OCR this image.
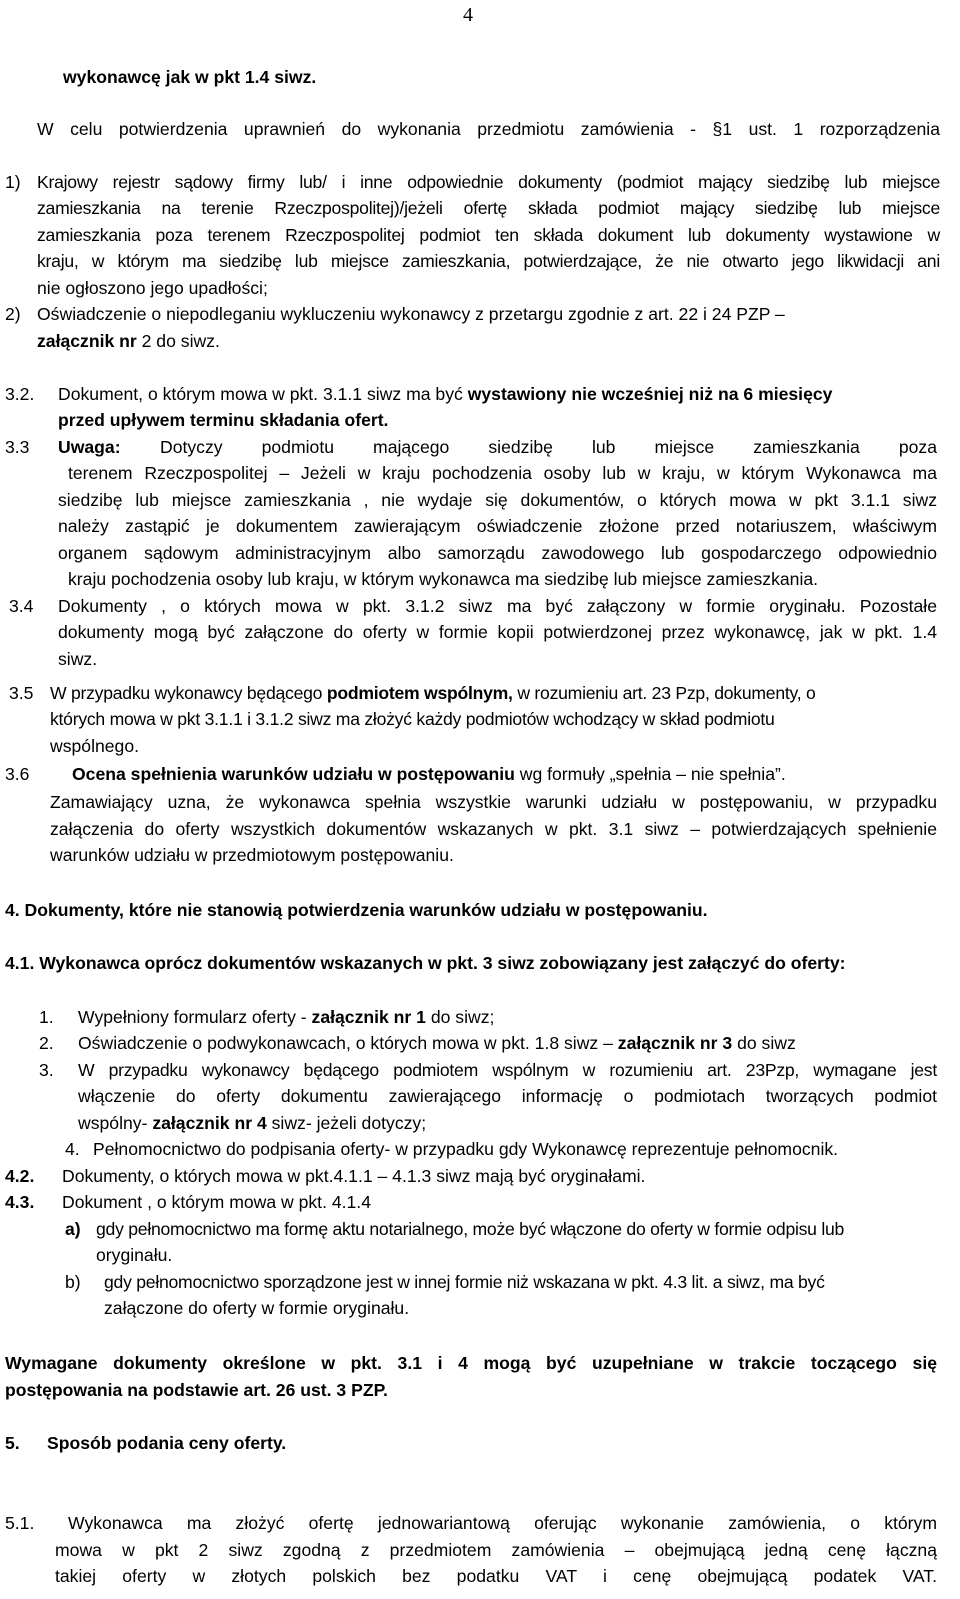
4
wykonawcę jak w pkt 1.4 siwz.
W celu potwierdzenia uprawnień do wykonania przedmiotu zamówienia - §1 ust. 1 rozporządzenia
1) Krajowy rejestr sądowy firmy lub/ i inne odpowiednie dokumenty (podmiot mający siedzibę lub miejsce
zamieszkania na terenie Rzeczpospolitej)/jeżeli ofertę składa podmiot mający siedzibę lub miejsce
zamieszkania poza terenem Rzeczpospolitej podmiot ten składa dokument lub dokumenty wystawione w
kraju, w którym ma siedzibę lub miejsce zamieszkania, potwierdzające, że nie otwarto jego likwidacji ani
nie ogłoszono jego upadłości;
2) Oświadczenie o niepodleganiu wykluczeniu wykonawcy z przetargu zgodnie z art. 22 i 24 PZP –
załącznik nr 2 do siwz.
3.2. Dokument, o którym mowa w pkt. 3.1.1 siwz ma być wystawiony nie wcześniej niż na 6 miesięcy
przed upływem terminu składania ofert.
3.3 Uwaga: Dotyczy podmiotu mającego siedzibę lub miejsce zamieszkania poza
terenem Rzeczpospolitej – Jeżeli w kraju pochodzenia osoby lub w kraju, w którym Wykonawca ma
siedzibę lub miejsce zamieszkania , nie wydaje się dokumentów, o których mowa w pkt 3.1.1 siwz
należy zastąpić je dokumentem zawierającym oświadczenie złożone przed notariuszem, właściwym
organem sądowym administracyjnym albo samorządu zawodowego lub gospodarczego odpowiednio
kraju pochodzenia osoby lub kraju, w którym wykonawca ma siedzibę lub miejsce zamieszkania.
3.4 Dokumenty , o których mowa w pkt. 3.1.2 siwz ma być załączony w formie oryginału. Pozostałe
dokumenty mogą być załączone do oferty w formie kopii potwierdzonej przez wykonawcę, jak w pkt. 1.4
siwz.
3.5 W przypadku wykonawcy będącego podmiotem wspólnym, w rozumieniu art. 23 Pzp, dokumenty, o
których mowa w pkt 3.1.1 i 3.1.2 siwz ma złożyć każdy podmiotów wchodzący w skład podmiotu
wspólnego.
3.6 Ocena spełnienia warunków udziału w postępowaniu wg formuły „spełnia – nie spełnia”.
Zamawiający uzna, że wykonawca spełnia wszystkie warunki udziału w postępowaniu, w przypadku
załączenia do oferty wszystkich dokumentów wskazanych w pkt. 3.1 siwz – potwierdzających spełnienie
warunków udziału w przedmiotowym postępowaniu.
4. Dokumenty, które nie stanowią potwierdzenia warunków udziału w postępowaniu.
4.1. Wykonawca oprócz dokumentów wskazanych w pkt. 3 siwz zobowiązany jest załączyć do oferty:
1. Wypełniony formularz oferty - załącznik nr 1 do siwz;
2. Oświadczenie o podwykonawcach, o których mowa w pkt. 1.8 siwz – załącznik nr 3 do siwz
3. W przypadku wykonawcy będącego podmiotem wspólnym w rozumieniu art. 23Pzp, wymagane jest
włączenie do oferty dokumentu zawierającego informację o podmiotach tworzących podmiot
wspólny- załącznik nr 4 siwz- jeżeli dotyczy;
4. Pełnomocnictwo do podpisania oferty- w przypadku gdy Wykonawcę reprezentuje pełnomocnik.
4.2. Dokumenty, o których mowa w pkt.4.1.1 – 4.1.3 siwz mają być oryginałami.
4.3. Dokument , o którym mowa w pkt. 4.1.4
a) gdy pełnomocnictwo ma formę aktu notarialnego, może być włączone do oferty w formie odpisu lub
oryginału.
b) gdy pełnomocnictwo sporządzone jest w innej formie niż wskazana w pkt. 4.3 lit. a siwz, ma być
załączone do oferty w formie oryginału.
Wymagane dokumenty określone w pkt. 3.1 i 4 mogą być uzupełniane w trakcie toczącego się
postępowania na podstawie art. 26 ust. 3 PZP.
5. Sposób podania ceny oferty.
5.1. Wykonawca ma złożyć ofertę jednowariantową oferując wykonanie zamówienia, o którym
mowa w pkt 2 siwz zgodną z przedmiotem zamówienia – obejmującą jedną cenę łączną
takiej oferty w złotych polskich bez podatku VAT i cenę obejmującą podatek VAT.
